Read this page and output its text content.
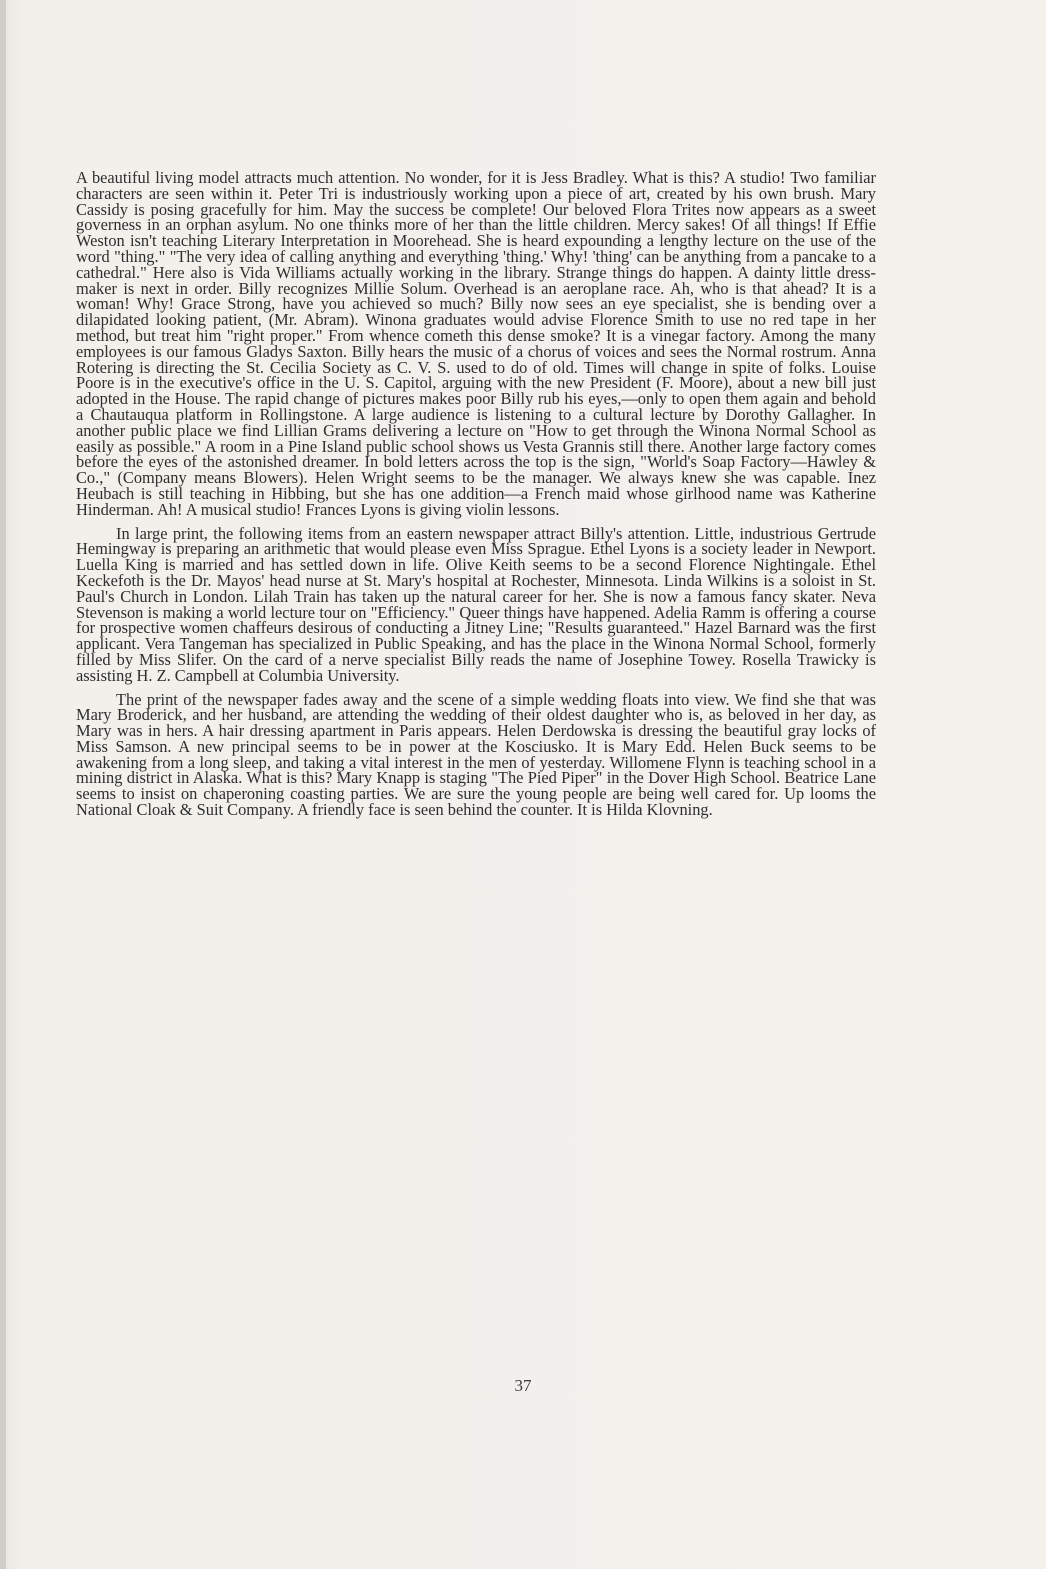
A beautiful living model attracts much attention. No wonder, for it is Jess Bradley. What is this? A studio! Two familiar characters are seen within it. Peter Tri is industriously working upon a piece of art, created by his own brush. Mary Cassidy is posing gracefully for him. May the success be complete! Our beloved Flora Trites now appears as a sweet governess in an orphan asylum. No one thinks more of her than the little children. Mercy sakes! Of all things! If Effie Weston isn't teaching Literary Interpretation in Moorehead. She is heard expounding a lengthy lecture on the use of the word "thing." "The very idea of calling anything and everything 'thing.' Why! 'thing' can be anything from a pancake to a cathedral." Here also is Vida Williams actually working in the library. Strange things do happen. A dainty little dress-maker is next in order. Billy recognizes Millie Solum. Overhead is an aeroplane race. Ah, who is that ahead? It is a woman! Why! Grace Strong, have you achieved so much? Billy now sees an eye specialist, she is bending over a dilapidated looking patient, (Mr. Abram). Winona graduates would advise Florence Smith to use no red tape in her method, but treat him "right proper." From whence cometh this dense smoke? It is a vinegar factory. Among the many employees is our famous Gladys Saxton. Billy hears the music of a chorus of voices and sees the Normal rostrum. Anna Rotering is directing the St. Cecilia Society as C. V. S. used to do of old. Times will change in spite of folks. Louise Poore is in the executive's office in the U. S. Capitol, arguing with the new President (F. Moore), about a new bill just adopted in the House. The rapid change of pictures makes poor Billy rub his eyes,—only to open them again and behold a Chautauqua platform in Rollingstone. A large audience is listening to a cultural lecture by Dorothy Gallagher. In another public place we find Lillian Grams delivering a lecture on "How to get through the Winona Normal School as easily as possible." A room in a Pine Island public school shows us Vesta Grannis still there. Another large factory comes before the eyes of the astonished dreamer. In bold letters across the top is the sign, "World's Soap Factory—Hawley & Co.," (Company means Blowers). Helen Wright seems to be the manager. We always knew she was capable. Inez Heubach is still teaching in Hibbing, but she has one addition—a French maid whose girlhood name was Katherine Hinderman. Ah! A musical studio! Frances Lyons is giving violin lessons.

In large print, the following items from an eastern newspaper attract Billy's attention. Little, industrious Gertrude Hemingway is preparing an arithmetic that would please even Miss Sprague. Ethel Lyons is a society leader in Newport. Luella King is married and has settled down in life. Olive Keith seems to be a second Florence Nightingale. Ethel Keckefoth is the Dr. Mayos' head nurse at St. Mary's hospital at Rochester, Minnesota. Linda Wilkins is a soloist in St. Paul's Church in London. Lilah Train has taken up the natural career for her. She is now a famous fancy skater. Neva Stevenson is making a world lecture tour on "Efficiency." Queer things have happened. Adelia Ramm is offering a course for prospective women chaffeurs desirous of conducting a Jitney Line; "Results guaranteed." Hazel Barnard was the first applicant. Vera Tangeman has specialized in Public Speaking, and has the place in the Winona Normal School, formerly filled by Miss Slifer. On the card of a nerve specialist Billy reads the name of Josephine Towey. Rosella Trawicky is assisting H. Z. Campbell at Columbia University.

The print of the newspaper fades away and the scene of a simple wedding floats into view. We find she that was Mary Broderick, and her husband, are attending the wedding of their oldest daughter who is, as beloved in her day, as Mary was in hers. A hair dressing apartment in Paris appears. Helen Derdowska is dressing the beautiful gray locks of Miss Samson. A new principal seems to be in power at the Kosciusko. It is Mary Edd. Helen Buck seems to be awakening from a long sleep, and taking a vital interest in the men of yesterday. Willomene Flynn is teaching school in a mining district in Alaska. What is this? Mary Knapp is staging "The Pied Piper" in the Dover High School. Beatrice Lane seems to insist on chaperoning coasting parties. We are sure the young people are being well cared for. Up looms the National Cloak & Suit Company. A friendly face is seen behind the counter. It is Hilda Klovning.

37
